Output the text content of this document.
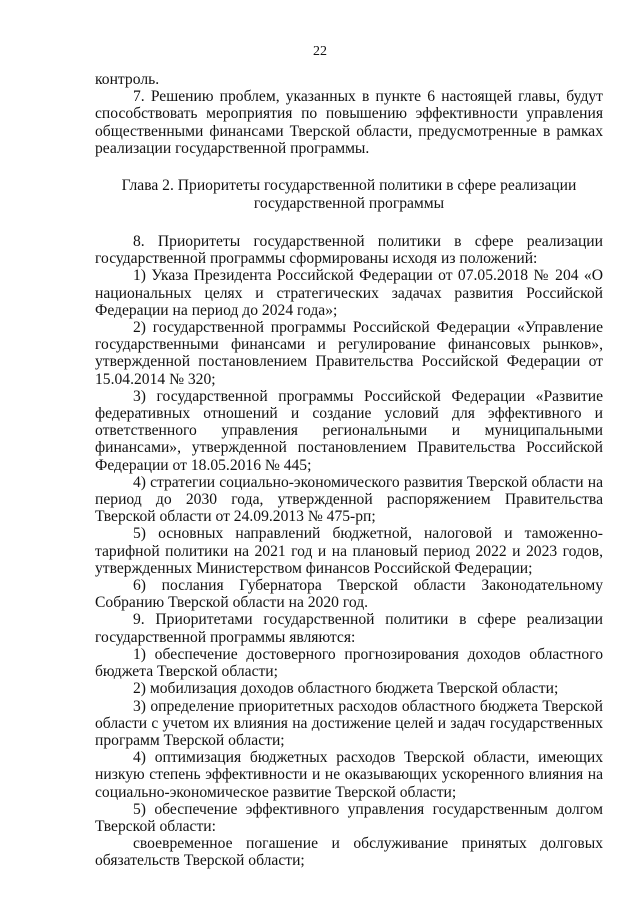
22

контроль.

7. Решению проблем, указанных в пункте 6 настоящей главы, будут способствовать мероприятия по повышению эффективности управления общественными финансами Тверской области, предусмотренные в рамках реализации государственной программы.

Глава 2. Приоритеты государственной политики в сфере реализации государственной программы

8. Приоритеты государственной политики в сфере реализации государственной программы сформированы исходя из положений:

1) Указа Президента Российской Федерации от 07.05.2018 № 204 «О национальных целях и стратегических задачах развития Российской Федерации на период до 2024 года»;

2) государственной программы Российской Федерации «Управление государственными финансами и регулирование финансовых рынков», утвержденной постановлением Правительства Российской Федерации от 15.04.2014 № 320;

3) государственной программы Российской Федерации «Развитие федеративных отношений и создание условий для эффективного и ответственного управления региональными и муниципальными финансами», утвержденной постановлением Правительства Российской Федерации от 18.05.2016 № 445;

4) стратегии социально-экономического развития Тверской области на период до 2030 года, утвержденной распоряжением Правительства Тверской области от 24.09.2013 № 475-рп;

5) основных направлений бюджетной, налоговой и таможенно-тарифной политики на 2021 год и на плановый период 2022 и 2023 годов, утвержденных Министерством финансов Российской Федерации;

6) послания Губернатора Тверской области Законодательному Собранию Тверской области на 2020 год.

9. Приоритетами государственной политики в сфере реализации государственной программы являются:

1) обеспечение достоверного прогнозирования доходов областного бюджета Тверской области;

2) мобилизация доходов областного бюджета Тверской области;

3) определение приоритетных расходов областного бюджета Тверской области с учетом их влияния на достижение целей и задач государственных программ Тверской области;

4) оптимизация бюджетных расходов Тверской области, имеющих низкую степень эффективности и не оказывающих ускоренного влияния на социально-экономическое развитие Тверской области;

5) обеспечение эффективного управления государственным долгом Тверской области:

своевременное погашение и обслуживание принятых долговых обязательств Тверской области;
